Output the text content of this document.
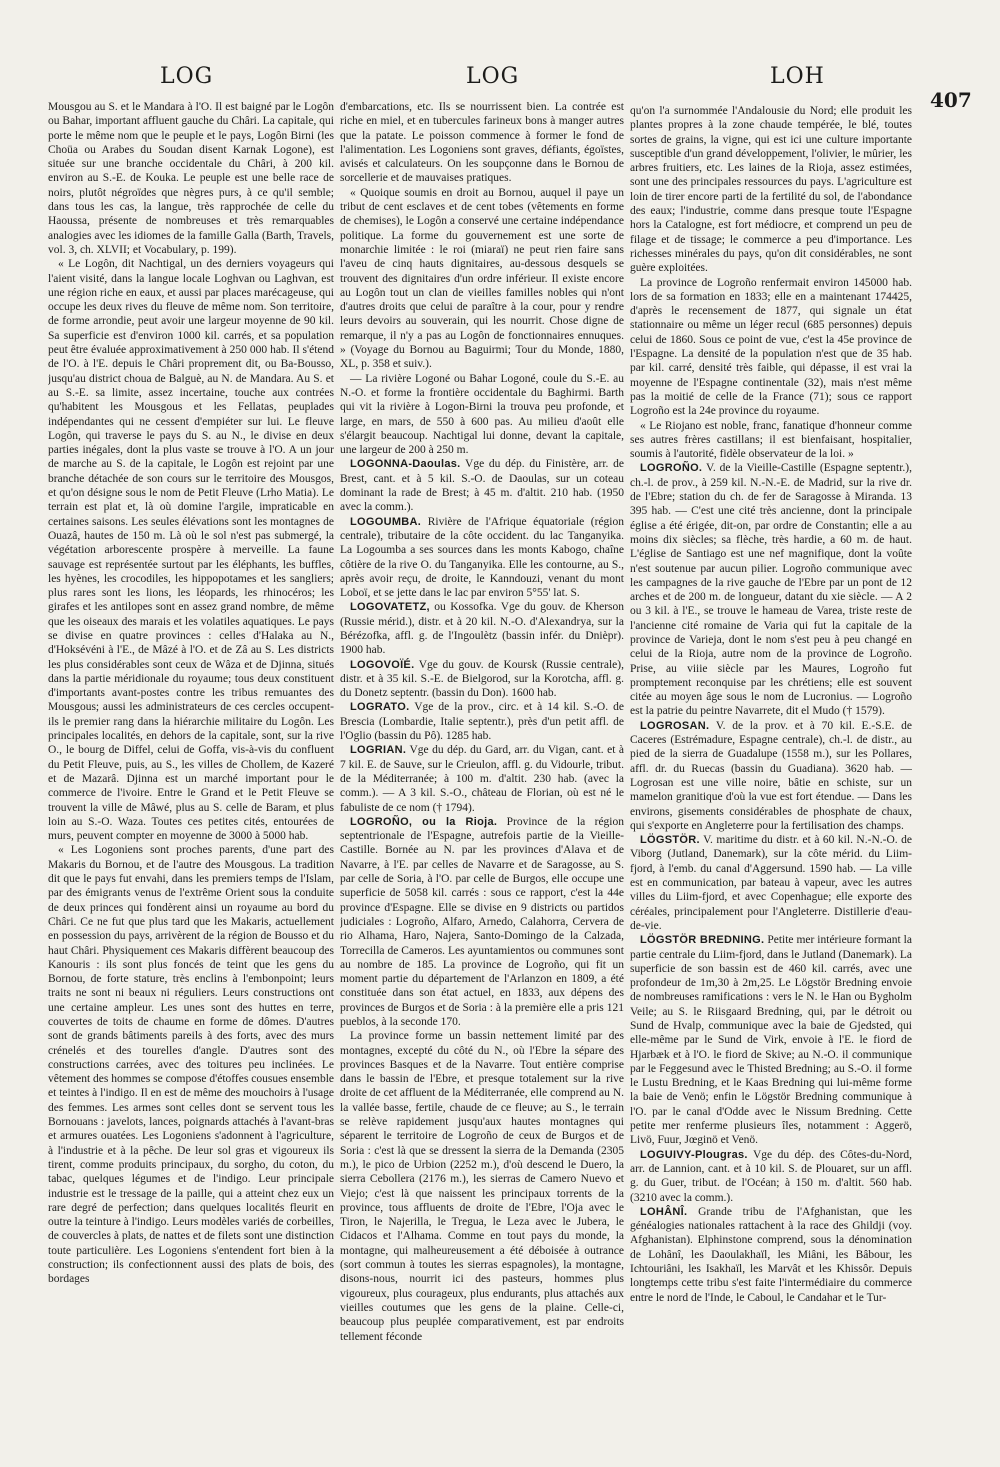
LOG	LOG	LOH
407

Mousgou au S. et le Mandara à l'O. Il est baigné par le Logôn ou Bahar, important affluent gauche du Châri. La capitale, qui porte le même nom que le peuple et le pays, Logôn Birni (les Choüa ou Arabes du Soudan disent Karnak Logone), est située sur une branche occidentale du Châri, à 200 kil. environ au S.-E. de Kouka. Le peuple est une belle race de noirs, plutôt négroïdes que nègres purs, à ce qu'il semble; dans tous les cas, la langue, très rapprochée de celle du Haoussa, présente de nombreuses et très remarquables analogies avec les idiomes de la famille Galla (Barth, Travels, vol. 3, ch. XLVII; et Vocabulary, p. 199).

« Le Logôn, dit Nachtigal, un des derniers voyageurs qui l'aient visité, dans la langue locale Loghvan ou Laghvan, est une région riche en eaux, et aussi par places marécageuse, qui occupe les deux rives du fleuve de même nom. Son territoire, de forme arrondie, peut avoir une largeur moyenne de 90 kil. Sa superficie est d'environ 1000 kil. carrés, et sa population peut être évaluée approximativement à 250 000 hab. Il s'étend de l'O. à l'E. depuis le Châri proprement dit, ou Ba-Bousso, jusqu'au district chouа de Balguè, au N. de Mandara. Au S. et au S.-E. sa limite, assez incertaine, touche aux contrées qu'habitent les Mousgous et les Fellatas, peuplades indépendantes qui ne cessent d'empiéter sur lui. Le fleuve Logôn, qui traverse le pays du S. au N., le divise en deux parties inégales, dont la plus vaste se trouve à l'O. A un jour de marche au S. de la capitale, le Logôn est rejoint par une branche détachée de son cours sur le territoire des Mousgos, et qu'on désigne sous le nom de Petit Fleuve (Lrho Matia). Le terrain est plat et, là où domine l'argile, impraticable en certaines saisons. Les seules élévations sont les montagnes de Ouazâ, hautes de 150 m. Là où le sol n'est pas submergé, la végétation arborescente prospère à merveille. La faune sauvage est représentée surtout par les éléphants, les buffles, les hyènes, les crocodiles, les hippopotames et les sangliers; plus rares sont les lions, les léopards, les rhinocéros; les girafes et les antilopes sont en assez grand nombre, de même que les oiseaux des marais et les volatiles aquatiques. Le pays se divise en quatre provinces : celles d'Halaka au N., d'Hoksévéni à l'E., de Mâzé à l'O. et de Zâ au S. Les districts les plus considérables sont ceux de Wâza et de Djinna, situés dans la partie méridionale du royaume; tous deux constituent d'importants avant-postes contre les tribus remuantes des Mousgous; aussi les administrateurs de ces cercles occupent-ils le premier rang dans la hiérarchie militaire du Logôn. Les principales localités, en dehors de la capitale, sont, sur la rive O., le bourg de Diffel, celui de Goffa, vis-à-vis du confluent du Petit Fleuve, puis, au S., les villes de Chollem, de Kazeré et de Mazarâ. Djinna est un marché important pour le commerce de l'ivoire. Entre le Grand et le Petit Fleuve se trouvent la ville de Mâwé, plus au S. celle de Baram, et plus loin au S.-O. Waza. Toutes ces petites cités, entourées de murs, peuvent compter en moyenne de 3000 à 5000 hab.

« Les Logoniens sont proches parents, d'une part des Makaris du Bornou, et de l'autre des Mousgous. La tradition dit que le pays fut envahi, dans les premiers temps de l'Islam, par des émigrants venus de l'extrême Orient sous la conduite de deux princes qui fondèrent ainsi un royaume au bord du Châri. Ce ne fut que plus tard que les Makaris, actuellement en possession du pays, arrivèrent de la région de Bousso et du haut Châri. Physiquement ces Makaris diffèrent beaucoup des Kanouris : ils sont plus foncés de teint que les gens du Bornou, de forte stature, très enclins à l'embonpoint; leurs traits ne sont ni beaux ni réguliers. Leurs constructions ont une certaine ampleur. Les unes sont des huttes en terre, couvertes de toits de chaume en forme de dômes. D'autres sont de grands bâtiments pareils à des forts, avec des murs crénelés et des tourelles d'angle. D'autres sont des constructions carrées, avec des toitures peu inclinées. Le vêtement des hommes se compose d'étoffes cousues ensemble et teintes à l'indigo. Il en est de même des mouchoirs à l'usage des femmes. Les armes sont celles dont se servent tous les Bornouans : javelots, lances, poignards attachés à l'avant-bras et armures ouatées. Les Logoniens s'adonnent à l'agriculture, à l'industrie et à la pêche. De leur sol gras et vigoureux ils tirent, comme produits principaux, du sorgho, du coton, du tabac, quelques légumes et de l'indigo. Leur principale industrie est le tressage de la paille, qui a atteint chez eux un rare degré de perfection; dans quelques localités fleurit en outre la teinture à l'indigo. Leurs modèles variés de corbeilles, de couvercles à plats, de nattes et de filets sont une distinction toute particulière. Les Logoniens s'entendent fort bien à la construction; ils confectionnent aussi des plats de bois, des bordages

d'embarcations, etc. Ils se nourrissent bien. La contrée est riche en miel, et en tubercules farineux bons à manger autres que la patate. Le poisson commence à former le fond de l'alimentation. Les Logoniens sont graves, défiants, égoïstes, avisés et calculateurs. On les soupçonne dans le Bornou de sorcellerie et de mauvaises pratiques.

« Quoique soumis en droit au Bornou, auquel il paye un tribut de cent esclaves et de cent tobes (vêtements en forme de chemises), le Logôn a conservé une certaine indépendance politique. La forme du gouvernement est une sorte de monarchie limitée : le roi (miaraï) ne peut rien faire sans l'aveu de cinq hauts dignitaires, au-dessous desquels se trouvent des dignitaires d'un ordre inférieur. Il existe encore au Logôn tout un clan de vieilles familles nobles qui n'ont d'autres droits que celui de paraître à la cour, pour y rendre leurs devoirs au souverain, qui les nourrit. Chose digne de remarque, il n'y a pas au Logôn de fonctionnaires ennuques. » (Voyage du Bornou au Baguirmi; Tour du Monde, 1880, XL, p. 358 et suiv.).

— La rivière Logoné ou Bahar Logoné, coule du S.-E. au N.-O. et forme la frontière occidentale du Baghirmi. Barth qui vit la rivière à Logon-Birni la trouva peu profonde, et large, en mars, de 550 à 600 pas. Au milieu d'août elle s'élargit beaucoup. Nachtigal lui donne, devant la capitale, une largeur de 200 à 250 m.

LOGONNA-Daoulas. Vge du dép. du Finistère, arr. de Brest, cant. et à 5 kil. S.-O. de Daoulas, sur un coteau dominant la rade de Brest; à 45 m. d'altit. 210 hab. (1950 avec la comm.).

LOGOUMBA. Rivière de l'Afrique équatoriale (région centrale), tributaire de la côte occident. du lac Tanganyika. La Logoumba a ses sources dans les monts Kabogo, chaîne côtière de la rive O. du Tanganyika. Elle les contourne, au S., après avoir reçu, de droite, le Kanndouzi, venant du mont Loboï, et se jette dans le lac par environ 5°55' lat. S.

LOGOVATETZ, ou Kossofka. Vge du gouv. de Kherson (Russie mérid.), distr. et à 20 kil. N.-O. d'Alexandrya, sur la Bérézofka, affl. g. de l'Ingoulètz (bassin infér. du Dnièpr). 1900 hab.

LOGOVOÏÉ. Vge du gouv. de Koursk (Russie centrale), distr. et à 35 kil. S.-E. de Bielgorod, sur la Korotcha, affl. g. du Donetz septentr. (bassin du Don). 1600 hab.

LOGRATO. Vge de la prov., circ. et à 14 kil. S.-O. de Brescia (Lombardie, Italie septentr.), près d'un petit affl. de l'Oglio (bassin du Pô). 1285 hab.

LOGRIAN. Vge du dép. du Gard, arr. du Vigan, cant. et à 7 kil. E. de Sauve, sur le Crieulon, affl. g. du Vidourle, tribut. de la Méditerranée; à 100 m. d'altit. 230 hab. (avec la comm.). — A 3 kil. S.-O., château de Florian, où est né le fabuliste de ce nom († 1794).

LOGROÑO, ou la Rioja. Province de la région septentrionale de l'Espagne, autrefois partie de la Vieille-Castille. Bornée au N. par les provinces d'Alava et de Navarre, à l'E. par celles de Navarre et de Saragosse, au S. par celle de Soria, à l'O. par celle de Burgos, elle occupe une superficie de 5058 kil. carrés : sous ce rapport, c'est la 44e province d'Espagne. Elle se divise en 9 districts ou partidos judiciales : Logroño, Alfaro, Arnedo, Calahorra, Cervera de rio Alhama, Haro, Najera, Santo-Domingo de la Calzada, Torrecilla de Cameros. Les ayuntamientos ou communes sont au nombre de 185. La province de Logroño, qui fit un moment partie du département de l'Arlanzon en 1809, a été constituée dans son état actuel, en 1833, aux dépens des provinces de Burgos et de Soria : à la première elle a pris 121 pueblos, à la seconde 170.

La province forme un bassin nettement limité par des montagnes, excepté du côté du N., où l'Ebre la sépare des provinces Basques et de la Navarre. Tout entière comprise dans le bassin de l'Ebre, et presque totalement sur la rive droite de cet affluent de la Méditerranée, elle comprend au N. la vallée basse, fertile, chaude de ce fleuve; au S., le terrain se relève rapidement jusqu'aux hautes montagnes qui séparent le territoire de Logroño de ceux de Burgos et de Soria : c'est là que se dressent la sierra de la Demanda (2305 m.), le pico de Urbion (2252 m.), d'où descend le Duero, la sierra Cebollera (2176 m.), les sierras de Camero Nuevo et Viejo; c'est là que naissent les principaux torrents de la province, tous affluents de droite de l'Ebre, l'Oja avec le Tiron, le Najerilla, le Tregua, le Leza avec le Jubera, le Cidacos et l'Alhama. Comme en tout pays du monde, la montagne, qui malheureusement a été déboisée à outrance (sort commun à toutes les sierras espagnoles), la montagne, disons-nous, nourrit ici des pasteurs, hommes plus vigoureux, plus courageux, plus endurants, plus attachés aux vieilles coutumes que les gens de la plaine. Celle-ci, beaucoup plus peuplée comparativement, est par endroits tellement féconde

qu'on l'a surnommée l'Andalousie du Nord; elle produit les plantes propres à la zone chaude tempérée, le blé, toutes sortes de grains, la vigne, qui est ici une culture importante susceptible d'un grand développement, l'olivier, le mûrier, les arbres fruitiers, etc. Les laines de la Rioja, assez estimées, sont une des principales ressources du pays. L'agriculture est loin de tirer encore parti de la fertilité du sol, de l'abondance des eaux; l'industrie, comme dans presque toute l'Espagne hors la Catalogne, est fort médiocre, et comprend un peu de filage et de tissage; le commerce a peu d'importance. Les richesses minérales du pays, qu'on dit considérables, ne sont guère exploitées.

La province de Logroño renfermait environ 145000 hab. lors de sa formation en 1833; elle en a maintenant 174425, d'après le recensement de 1877, qui signale un état stationnaire ou même un léger recul (685 personnes) depuis celui de 1860. Sous ce point de vue, c'est la 45e province de l'Espagne. La densité de la population n'est que de 35 hab. par kil. carré, densité très faible, qui dépasse, il est vrai la moyenne de l'Espagne continentale (32), mais n'est même pas la moitié de celle de la France (71); sous ce rapport Logroño est la 24e province du royaume.

« Le Riojano est noble, franc, fanatique d'honneur comme ses autres frères castillans; il est bienfaisant, hospitalier, soumis à l'autorité, fidèle observateur de la loi. »

LOGROÑO. V. de la Vieille-Castille (Espagne septentr.), ch.-l. de prov., à 259 kil. N.-N.-E. de Madrid, sur la rive dr. de l'Ebre; station du ch. de fer de Saragosse à Miranda. 13 395 hab. — C'est une cité très ancienne, dont la principale église a été érigée, dit-on, par ordre de Constantin; elle a au moins dix siècles; sa flèche, très hardie, a 60 m. de haut. L'église de Santiago est une nef magnifique, dont la voûte n'est soutenue par aucun pilier. Logroño communique avec les campagnes de la rive gauche de l'Ebre par un pont de 12 arches et de 200 m. de longueur, datant du xie siècle. — A 2 ou 3 kil. à l'E., se trouve le hameau de Varea, triste reste de l'ancienne cité romaine de Varia qui fut la capitale de la province de Varieja, dont le nom s'est peu à peu changé en celui de la Rioja, autre nom de la province de Logroño. Prise, au viiie siècle par les Maures, Logroño fut promptement reconquise par les chrétiens; elle est souvent citée au moyen âge sous le nom de Lucronius. — Logroño est la patrie du peintre Navarrete, dit el Mudo († 1579).

LOGROSAN. V. de la prov. et à 70 kil. E.-S.E. de Caceres (Estrémadure, Espagne centrale), ch.-l. de distr., au pied de la sierra de Guadalupe (1558 m.), sur les Pollares, affl. dr. du Ruecas (bassin du Guadiana). 3620 hab. — Logrosan est une ville noire, bâtie en schiste, sur un mamelon granitique d'où la vue est fort étendue. — Dans les environs, gisements considérables de phosphate de chaux, qui s'exporte en Angleterre pour la fertilisation des champs.

LÖGSTÖR. V. maritime du distr. et à 60 kil. N.-N.-O. de Viborg (Jutland, Danemark), sur la côte mérid. du Liim-fjord, à l'emb. du canal d'Aggersund. 1590 hab. — La ville est en communication, par bateau à vapeur, avec les autres villes du Liim-fjord, et avec Copenhague; elle exporte des céréales, principalement pour l'Angleterre. Distillerie d'eau-de-vie.

LÖGSTÖR BREDNING. Petite mer intérieure formant la partie centrale du Liim-fjord, dans le Jutland (Danemark). La superficie de son bassin est de 460 kil. carrés, avec une profondeur de 1m,30 à 2m,25. Le Lögstör Bredning envoie de nombreuses ramifications : vers le N. le Han ou Bygholm Veile; au S. le Riisgaard Bredning, qui, par le détroit ou Sund de Hvalp, communique avec la baie de Gjedsted, qui elle-même par le Sund de Virk, envoie à l'E. le fiord de Hjarbæk et à l'O. le fiord de Skive; au N.-O. il communique par le Feggesund avec le Thisted Bredning; au S.-O. il forme le Lustu Bredning, et le Kaas Bredning qui lui-même forme la baie de Venö; enfin le Lögstör Bredning communique à l'O. par le canal d'Odde avec le Nissum Bredning. Cette petite mer renferme plusieurs îles, notamment : Aggerö, Livö, Fuur, Jœginö et Venö.

LOGUIVY-Plougras. Vge du dép. des Côtes-du-Nord, arr. de Lannion, cant. et à 10 kil. S. de Plouaret, sur un affl. g. du Guer, tribut. de l'Océan; à 150 m. d'altit. 560 hab. (3210 avec la comm.).

LOHÂNÎ. Grande tribu de l'Afghanistan, que les généalogies nationales rattachent à la race des Ghildji (voy. Afghanistan). Elphinstone comprend, sous la dénomination de Lohânî, les Daoulakhaïl, les Miâni, les Bâbour, les Ichtouriâni, les Isakhaïl, les Marvât et les Khissôr. Depuis longtemps cette tribu s'est faite l'intermédiaire du commerce entre le nord de l'Inde, le Caboul, le Candahar et le Tur-
